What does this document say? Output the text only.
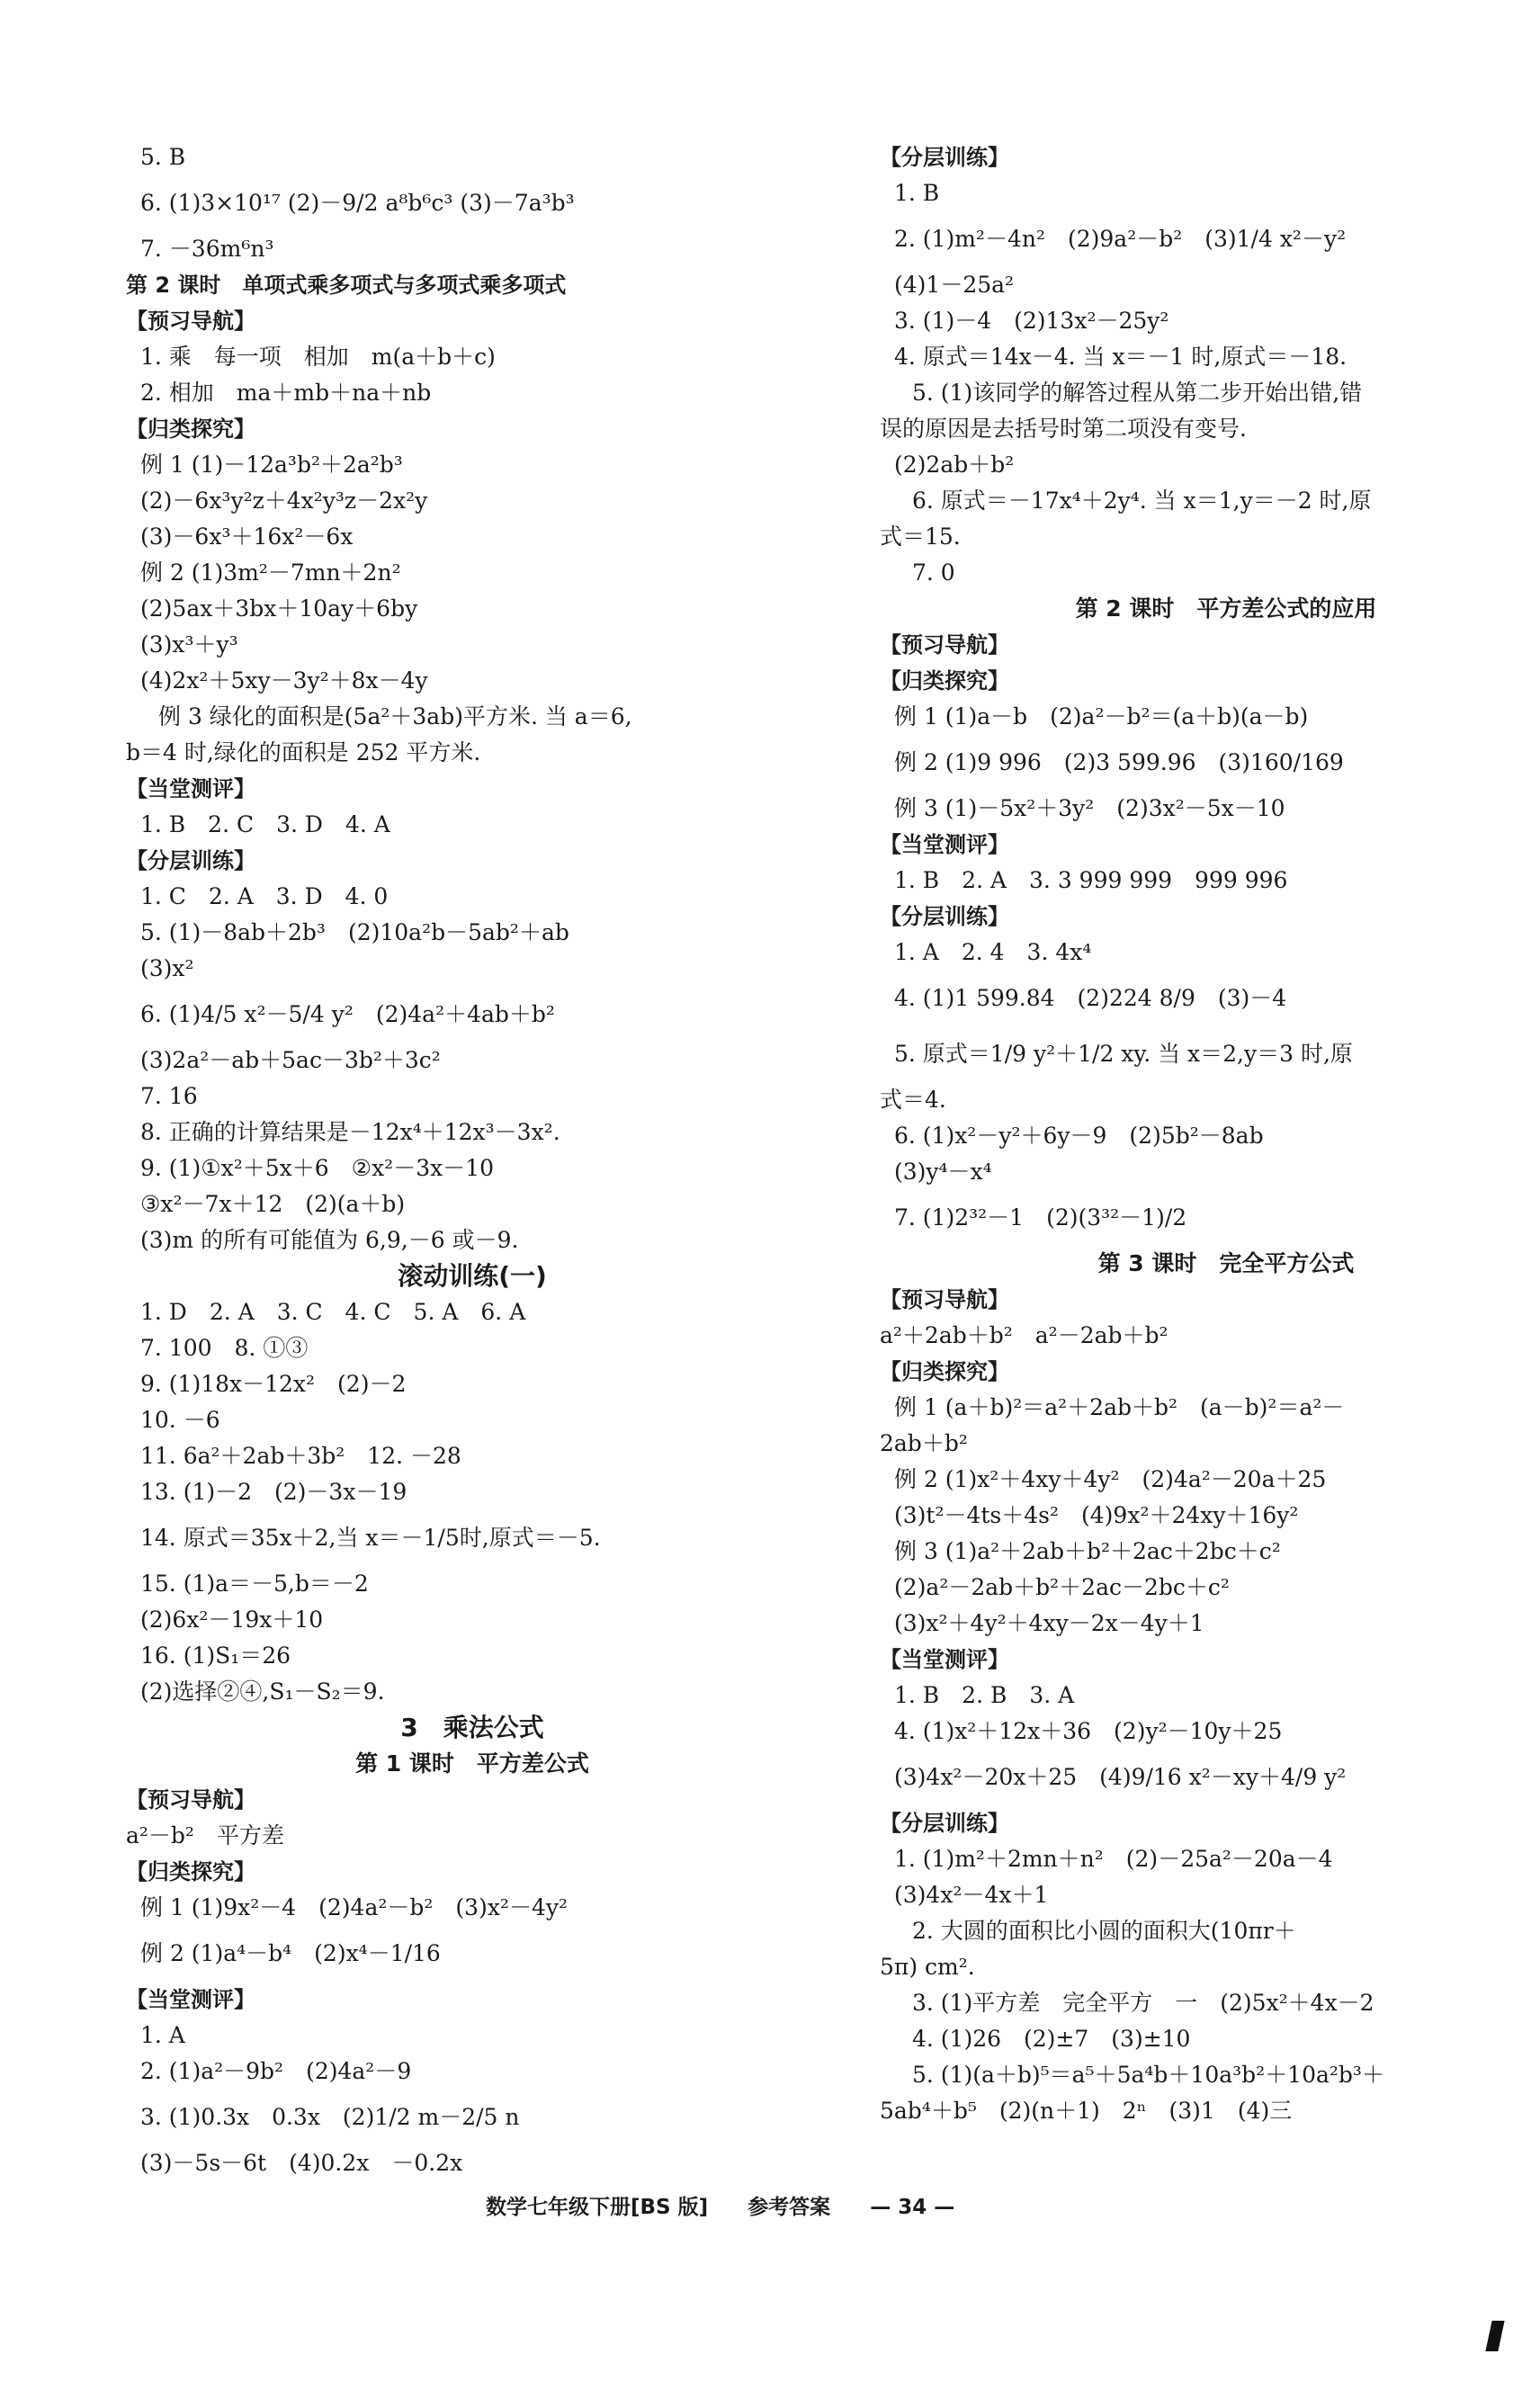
5. B
6. (1)3×10¹⁷ (2)－9/2 a⁸b⁶c³ (3)－7a³b³
7. －36m⁶n³
第 2 课时　单项式乘多项式与多项式乘多项式
【预习导航】
1. 乘　每一项　相加　m(a＋b＋c)
2. 相加　ma＋mb＋na＋nb
【归类探究】
例 1 (1)－12a³b²＋2a²b³
(2)－6x³y²z＋4x²y³z－2x²y
(3)－6x³＋16x²－6x
例 2 (1)3m²－7mn＋2n²
(2)5ax＋3bx＋10ay＋6by
(3)x³＋y³
(4)2x²＋5xy－3y²＋8x－4y
例 3 绿化的面积是(5a²＋3ab)平方米. 当 a＝6,
b＝4 时,绿化的面积是 252 平方米.
【当堂测评】
1. B　2. C　3. D　4. A
【分层训练】
1. C　2. A　3. D　4. 0
5. (1)－8ab＋2b³　(2)10a²b－5ab²＋ab
(3)x²
6. (1)4/5 x²－5/4 y²　(2)4a²＋4ab＋b²
(3)2a²－ab＋5ac－3b²＋3c²
7. 16
8. 正确的计算结果是－12x⁴＋12x³－3x².
9. (1)①x²＋5x＋6　②x²－3x－10
③x²－7x＋12　(2)(a＋b)
(3)m 的所有可能值为 6,9,－6 或－9.
滚动训练(一)
1. D　2. A　3. C　4. C　5. A　6. A
7. 100　8. ①③
9. (1)18x－12x²　(2)－2
10. －6
11. 6a²＋2ab＋3b²　12. －28
13. (1)－2　(2)－3x－19
14. 原式＝35x＋2,当 x＝－1/5时,原式＝－5.
15. (1)a＝－5,b＝－2
(2)6x²－19x＋10
16. (1)S₁＝26
(2)选择②④,S₁－S₂＝9.
3　乘法公式
第 1 课时　平方差公式
【预习导航】
a²－b²　平方差
【归类探究】
例 1 (1)9x²－4　(2)4a²－b²　(3)x²－4y²
例 2 (1)a⁴－b⁴　(2)x⁴－1/16
【当堂测评】
1. A
2. (1)a²－9b²　(2)4a²－9
3. (1)0.3x　0.3x　(2)1/2 m－2/5 n
(3)－5s－6t　(4)0.2x　－0.2x
【分层训练】
1. B
2. (1)m²－4n²　(2)9a²－b²　(3)1/4 x²－y²
(4)1－25a²
3. (1)－4　(2)13x²－25y²
4. 原式＝14x－4. 当 x＝－1 时,原式＝－18.
5. (1)该同学的解答过程从第二步开始出错,错
误的原因是去括号时第二项没有变号.
(2)2ab＋b²
6. 原式＝－17x⁴＋2y⁴. 当 x＝1,y＝－2 时,原
式＝15.
7. 0
第 2 课时　平方差公式的应用
【预习导航】
【归类探究】
例 1 (1)a－b　(2)a²－b²＝(a＋b)(a－b)
例 2 (1)9 996　(2)3 599.96　(3)160/169
例 3 (1)－5x²＋3y²　(2)3x²－5x－10
【当堂测评】
1. B　2. A　3. 3 999 999　999 996
【分层训练】
1. A　2. 4　3. 4x⁴
4. (1)1 599.84　(2)224 8/9　(3)－4
5. 原式＝1/9 y²＋1/2 xy. 当 x＝2,y＝3 时,原
式＝4.
6. (1)x²－y²＋6y－9　(2)5b²－8ab
(3)y⁴－x⁴
7. (1)2³²－1　(2)(3³²－1)/2
第 3 课时　完全平方公式
【预习导航】
a²＋2ab＋b²　a²－2ab＋b²
【归类探究】
例 1 (a＋b)²＝a²＋2ab＋b²　(a－b)²＝a²－
2ab＋b²
例 2 (1)x²＋4xy＋4y²　(2)4a²－20a＋25
(3)t²－4ts＋4s²　(4)9x²＋24xy＋16y²
例 3 (1)a²＋2ab＋b²＋2ac＋2bc＋c²
(2)a²－2ab＋b²＋2ac－2bc＋c²
(3)x²＋4y²＋4xy－2x－4y＋1
【当堂测评】
1. B　2. B　3. A
4. (1)x²＋12x＋36　(2)y²－10y＋25
(3)4x²－20x＋25　(4)9/16 x²－xy＋4/9 y²
【分层训练】
1. (1)m²＋2mn＋n²　(2)－25a²－20a－4
(3)4x²－4x＋1
2. 大圆的面积比小圆的面积大(10πr＋
5π) cm².
3. (1)平方差　完全平方　一　(2)5x²＋4x－2
4. (1)26　(2)±7　(3)±10
5. (1)(a＋b)⁵＝a⁵＋5a⁴b＋10a³b²＋10a²b³＋
5ab⁴＋b⁵　(2)(n＋1)　2ⁿ　(3)1　(4)三
数学七年级下册[BS 版] 参考答案 — 34 —
